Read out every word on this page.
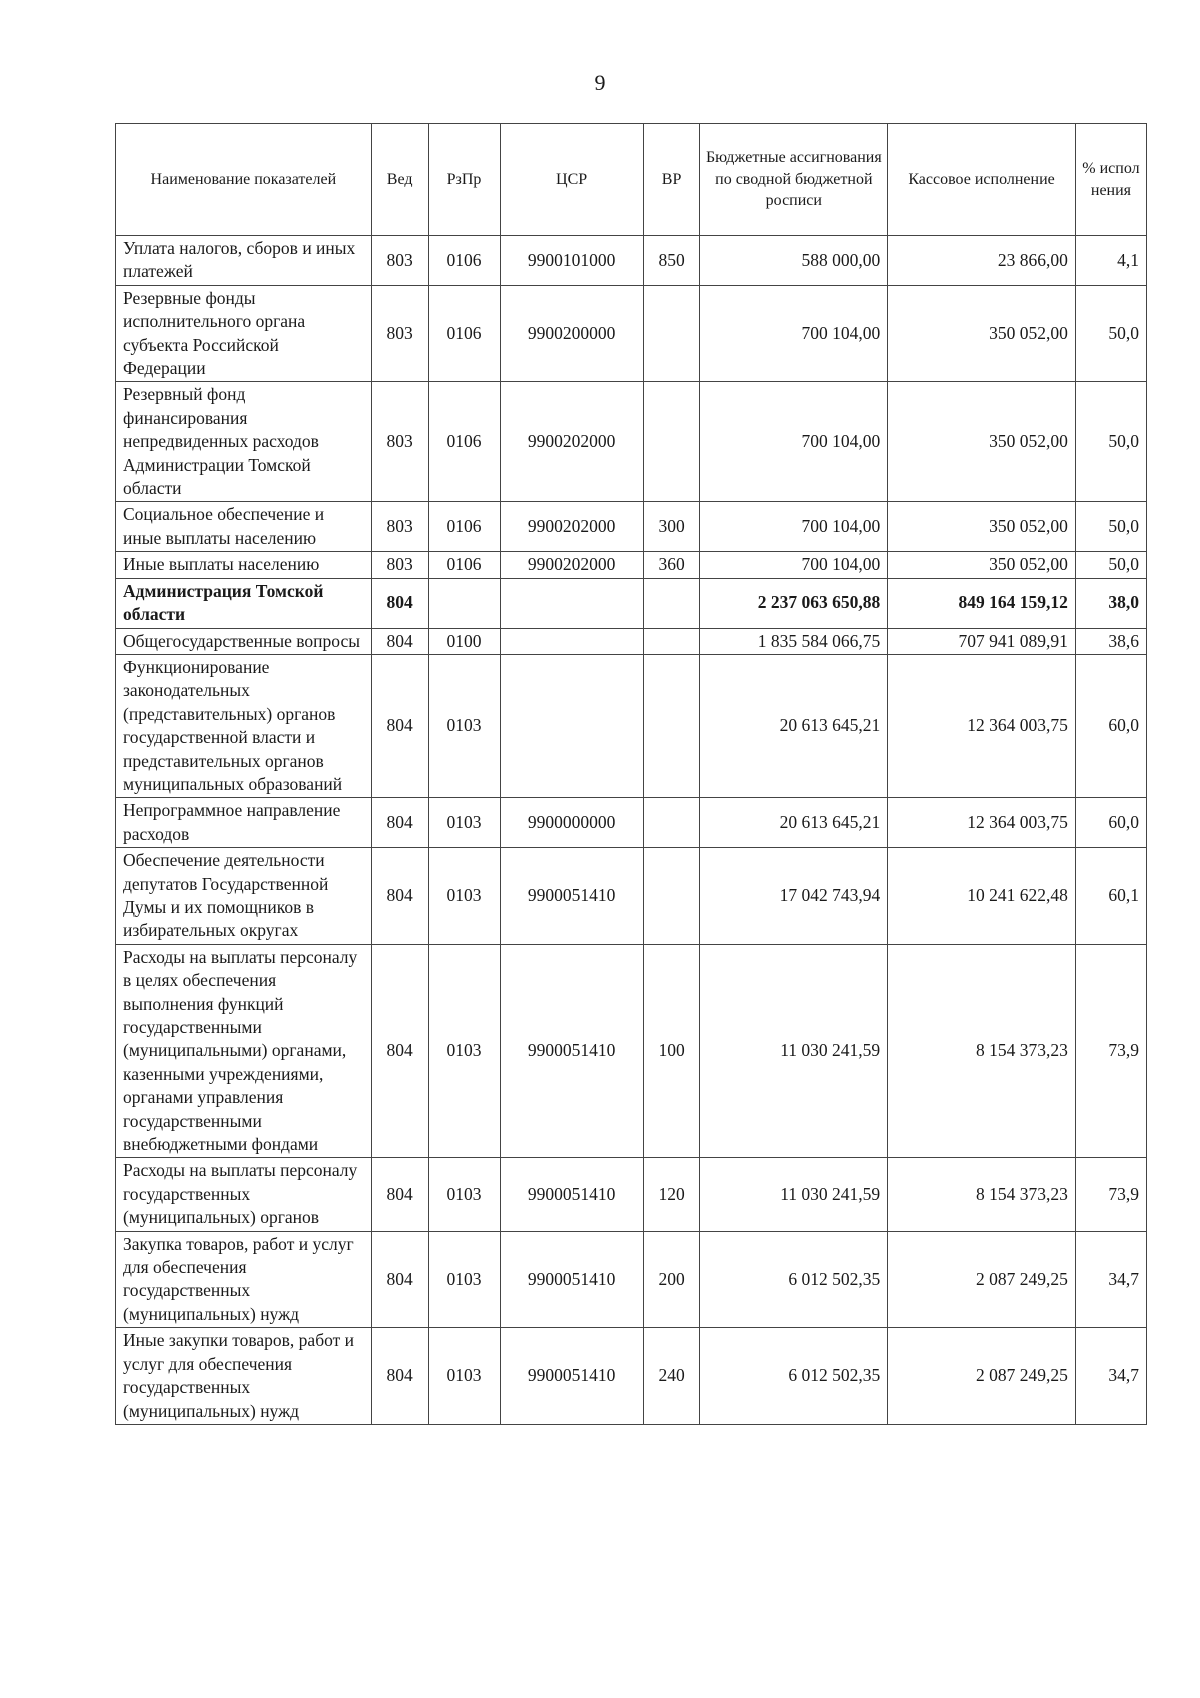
9
Наименование показателей	Вед	РзПр	ЦСР	ВР	Бюджетные ассигнования по сводной бюджетной росписи	Кассовое исполнение	% испол нения
Уплата налогов, сборов и иных платежей	803	0106	9900101000	850	588 000,00	23 866,00	4,1
Резервные фонды исполнительного органа субъекта Российской Федерации	803	0106	9900200000		700 104,00	350 052,00	50,0
Резервный фонд финансирования непредвиденных расходов Администрации Томской области	803	0106	9900202000		700 104,00	350 052,00	50,0
Социальное обеспечение и иные выплаты населению	803	0106	9900202000	300	700 104,00	350 052,00	50,0
Иные выплаты населению	803	0106	9900202000	360	700 104,00	350 052,00	50,0
Администрация Томской области	804				2 237 063 650,88	849 164 159,12	38,0
Общегосударственные вопросы	804	0100			1 835 584 066,75	707 941 089,91	38,6
Функционирование законодательных (представительных) органов государственной власти и представительных органов муниципальных образований	804	0103			20 613 645,21	12 364 003,75	60,0
Непрограммное направление расходов	804	0103	9900000000		20 613 645,21	12 364 003,75	60,0
Обеспечение деятельности депутатов Государственной Думы и их помощников в избирательных округах	804	0103	9900051410		17 042 743,94	10 241 622,48	60,1
Расходы на выплаты персоналу в целях обеспечения выполнения функций государственными (муниципальными) органами, казенными учреждениями, органами управления государственными внебюджетными фондами	804	0103	9900051410	100	11 030 241,59	8 154 373,23	73,9
Расходы на выплаты персоналу государственных (муниципальных) органов	804	0103	9900051410	120	11 030 241,59	8 154 373,23	73,9
Закупка товаров, работ и услуг для обеспечения государственных (муниципальных) нужд	804	0103	9900051410	200	6 012 502,35	2 087 249,25	34,7
Иные закупки товаров, работ и услуг для обеспечения государственных (муниципальных) нужд	804	0103	9900051410	240	6 012 502,35	2 087 249,25	34,7
